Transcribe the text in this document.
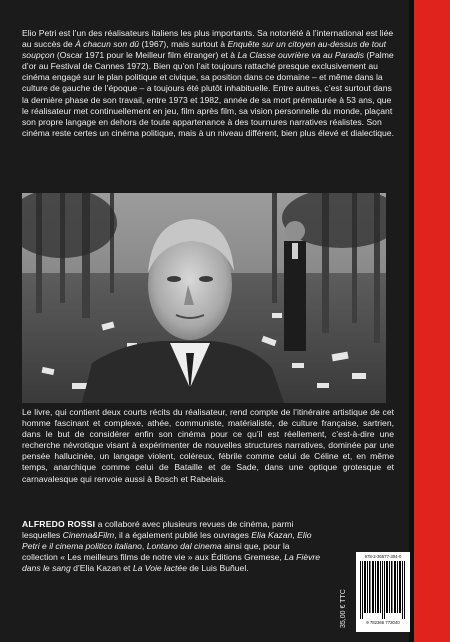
Elio Petri est l’un des réalisateurs italiens les plus importants. Sa notoriété à l’international est liée au succès de À chacun son dû (1967), mais surtout à Enquête sur un citoyen au-dessus de tout soupçon (Oscar 1971 pour le Meilleur film étranger) et à La Classe ouvrière va au Paradis (Palme d’or au Festival de Cannes 1972). Bien qu’on l’ait toujours rattaché presque exclusivement au cinéma engagé sur le plan politique et civique, sa position dans ce domaine – et même dans la culture de gauche de l’époque – a toujours été plutôt inhabituelle. Entre autres, c’est surtout dans la dernière phase de son travail, entre 1973 et 1982, année de sa mort prématurée à 53 ans, que le réalisateur met continuellement en jeu, film après film, sa vision personnelle du monde, plaçant son propre langage en dehors de toute appartenance à des tournures narratives réalistes. Son cinéma reste certes un cinéma politique, mais à un niveau différent, bien plus élevé et dialectique.

Le livre, qui contient deux courts récits du réalisateur, rend compte de l’itinéraire artistique de cet homme fascinant et complexe, athée, communiste, matérialiste, de culture française, sartrien, dans le but de considérer enfin son cinéma pour ce qu’il est réellement, c’est-à-dire une recherche névrotique visant à expérimenter de nouvelles structures narratives, dominée par une pensée hallucinée, un langage violent, coléreux, fébrile comme celui de Céline et, en même temps, anarchique comme celui de Bataille et de Sade, dans une optique grotesque et carnavalesque qui renvoie aussi à Bosch et Rabelais.

ALFREDO ROSSI a collaboré avec plusieurs revues de cinéma, parmi lesquelles Cinema&Film, il a également publié les ouvrages Elia Kazan, Elio Petri e il cinema politico italiano, Lontano dal cinema ainsi que, pour la collection « Les meilleurs films de notre vie » aux Éditions Gremese, La Fièvre dans le sang d’Elia Kazan et La Voie lactée de Luis Buñuel.

35,00 € TTC
978-2-36677-304-0
9 782366 773040
